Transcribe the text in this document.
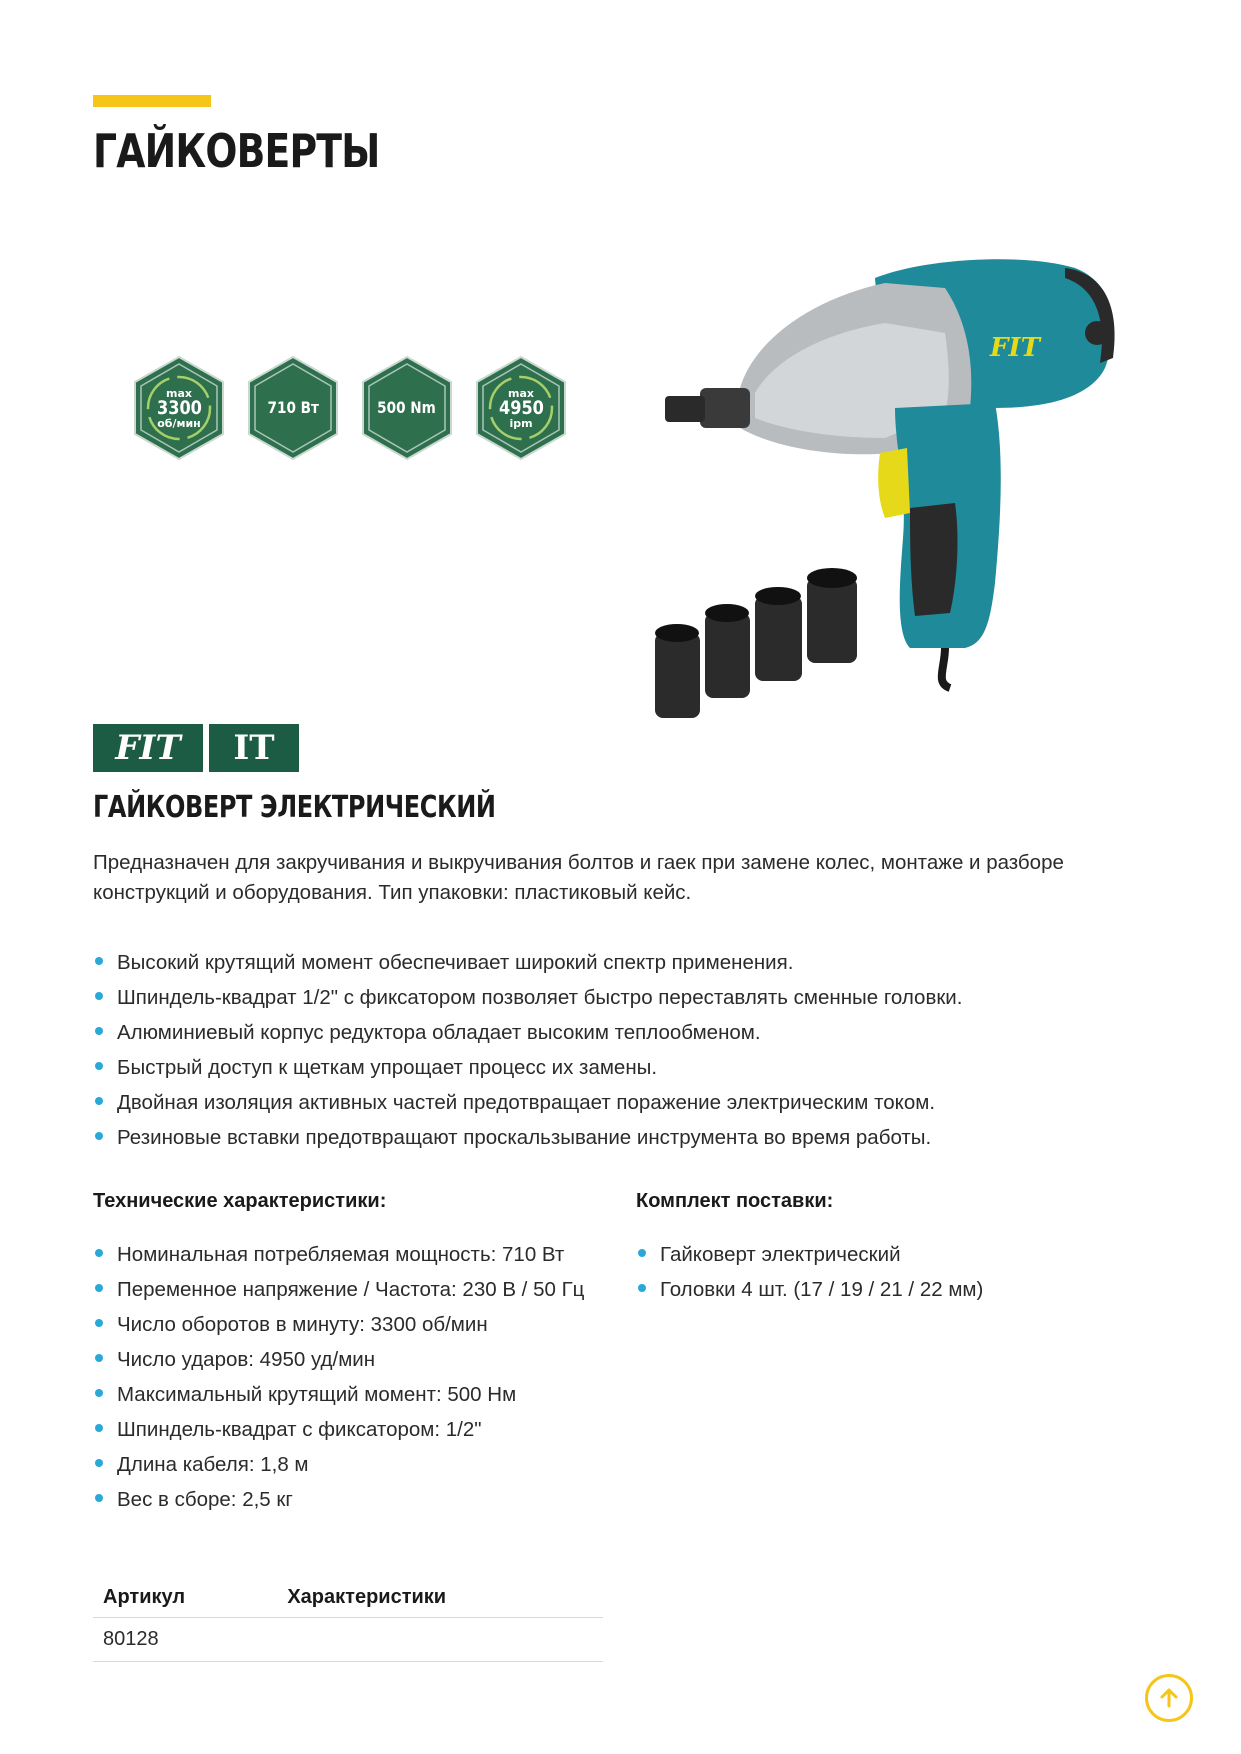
ГАЙКОВЕРТЫ
max
3300
об/мин
710 Вт	500 Nm
max
4950
ipm
FIT
FIT	IT
ГАЙКОВЕРТ ЭЛЕКТРИЧЕСКИЙ

Предназначен для закручивания и выкручивания болтов и гаек при замене колес, монтаже и разборе конструкций и оборудования. Тип упаковки: пластиковый кейс.

Высокий крутящий момент обеспечивает широкий спектр применения.
Шпиндель-квадрат 1/2" с фиксатором позволяет быстро переставлять сменные головки.
Алюминиевый корпус редуктора обладает высоким теплообменом.
Быстрый доступ к щеткам упрощает процесс их замены.
Двойная изоляция активных частей предотвращает поражение электрическим током.
Резиновые вставки предотвращают проскальзывание инструмента во время работы.
Технические характеристики:
Номинальная потребляемая мощность: 710 Вт
Переменное напряжение / Частота: 230 В / 50 Гц
Число оборотов в минуту: 3300 об/мин
Число ударов: 4950 уд/мин
Максимальный крутящий момент: 500 Нм
Шпиндель-квадрат с фиксатором: 1/2"
Длина кабеля: 1,8 м
Вес в сборе: 2,5 кг
Комплект поставки:
Гайковерт электрический
Головки 4 шт. (17 / 19 / 21 / 22 мм)
Артикул	Характеристики
80128	
